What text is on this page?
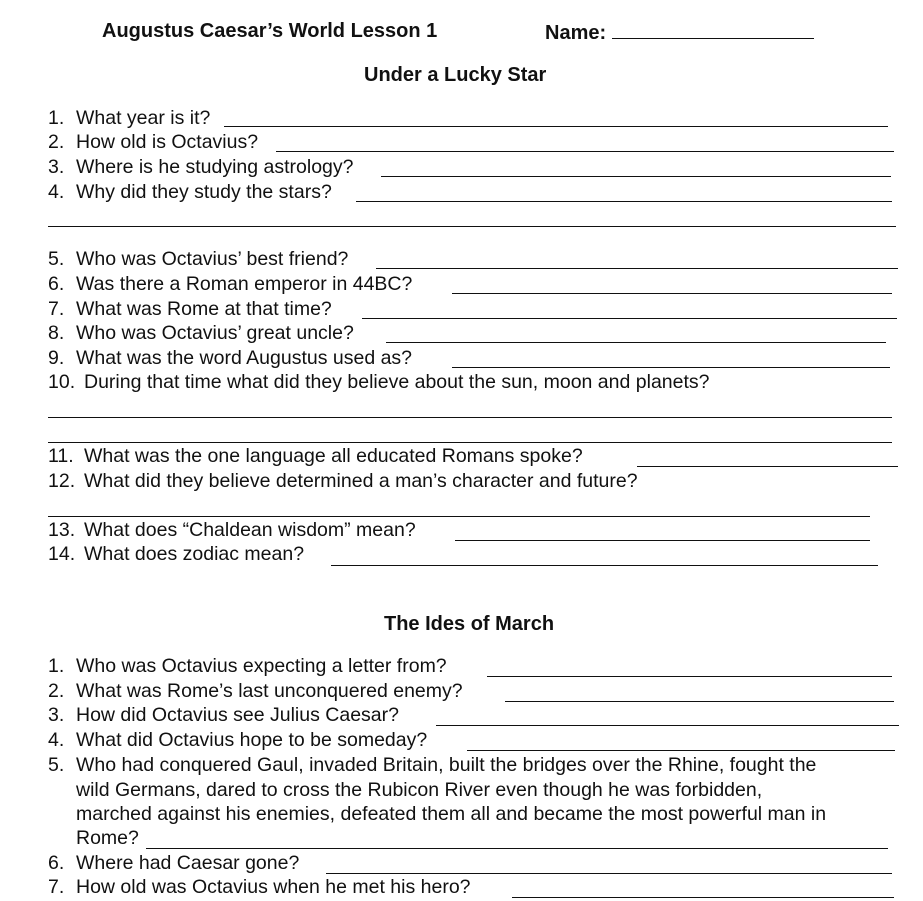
Augustus Caesar’s World Lesson 1	Name:
Under a Lucky Star
1. What year is it?
2. How old is Octavius?
3. Where is he studying astrology?
4. Why did they study the stars?
5. Who was Octavius’ best friend?
6. Was there a Roman emperor in 44BC?
7. What was Rome at that time?
8. Who was Octavius’ great uncle?
9. What was the word Augustus used as?
10. During that time what did they believe about the sun, moon and planets?
11. What was the one language all educated Romans spoke?
12. What did they believe determined a man’s character and future?
13. What does “Chaldean wisdom” mean?
14. What does zodiac mean?
The Ides of March
1. Who was Octavius expecting a letter from?
2. What was Rome’s last unconquered enemy?
3. How did Octavius see Julius Caesar?
4. What did Octavius hope to be someday?
5. Who had conquered Gaul, invaded Britain, built the bridges over the Rhine, fought the
wild Germans, dared to cross the Rubicon River even though he was forbidden,
marched against his enemies, defeated them all and became the most powerful man in
Rome?
6. Where had Caesar gone?
7. How old was Octavius when he met his hero?
